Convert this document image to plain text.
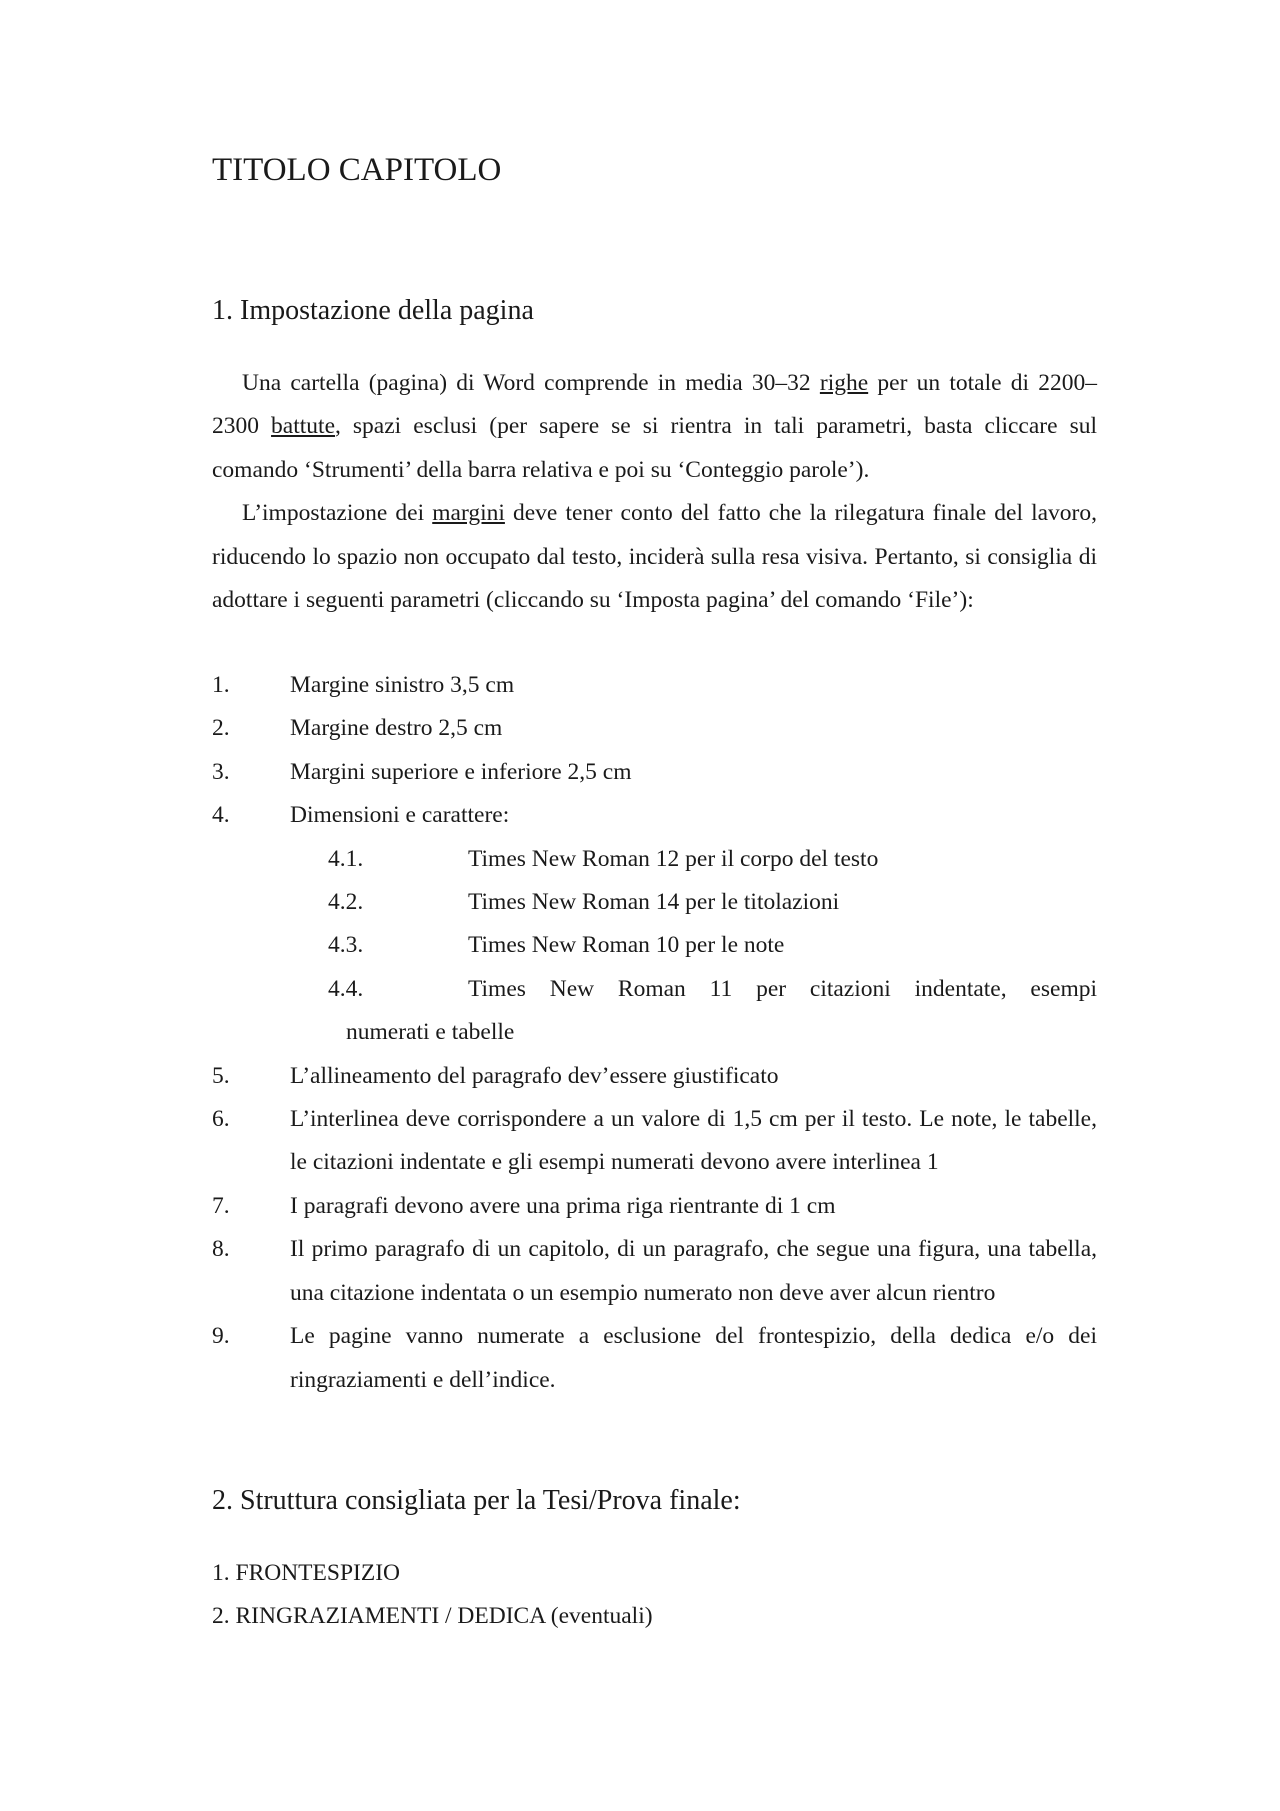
TITOLO CAPITOLO
1. Impostazione della pagina

Una cartella (pagina) di Word comprende in media 30–32 righe per un totale di 2200–2300 battute, spazi esclusi (per sapere se si rientra in tali parametri, basta cliccare sul comando ‘Strumenti’ della barra relativa e poi su ‘Conteggio parole’).

L’impostazione dei margini deve tener conto del fatto che la rilegatura finale del lavoro, riducendo lo spazio non occupato dal testo, inciderà sulla resa visiva. Pertanto, si consiglia di adottare i seguenti parametri (cliccando su ‘Imposta pagina’ del comando ‘File’):

1.	Margine sinistro 3,5 cm
2.	Margine destro 2,5 cm
3.	Margini superiore e inferiore 2,5 cm
4.	Dimensioni e carattere:
4.1.	Times New Roman 12 per il corpo del testo
4.2.	Times New Roman 14 per le titolazioni
4.3.	Times New Roman 10 per le note
4.4.	Times New Roman 11 per citazioni indentate, esempi
numerati e tabelle
5.	L’allineamento del paragrafo dev’essere giustificato
6.	L’interlinea deve corrispondere a un valore di 1,5 cm per il testo. Le note, le tabelle, le citazioni indentate e gli esempi numerati devono avere interlinea 1
7.	I paragrafi devono avere una prima riga rientrante di 1 cm
8.	Il primo paragrafo di un capitolo, di un paragrafo, che segue una figura, una tabella, una citazione indentata o un esempio numerato non deve aver alcun rientro
9.	Le pagine vanno numerate a esclusione del frontespizio, della dedica e/o dei ringraziamenti e dell’indice.
2. Struttura consigliata per la Tesi/Prova finale:
1. FRONTESPIZIO
2. RINGRAZIAMENTI / DEDICA (eventuali)
